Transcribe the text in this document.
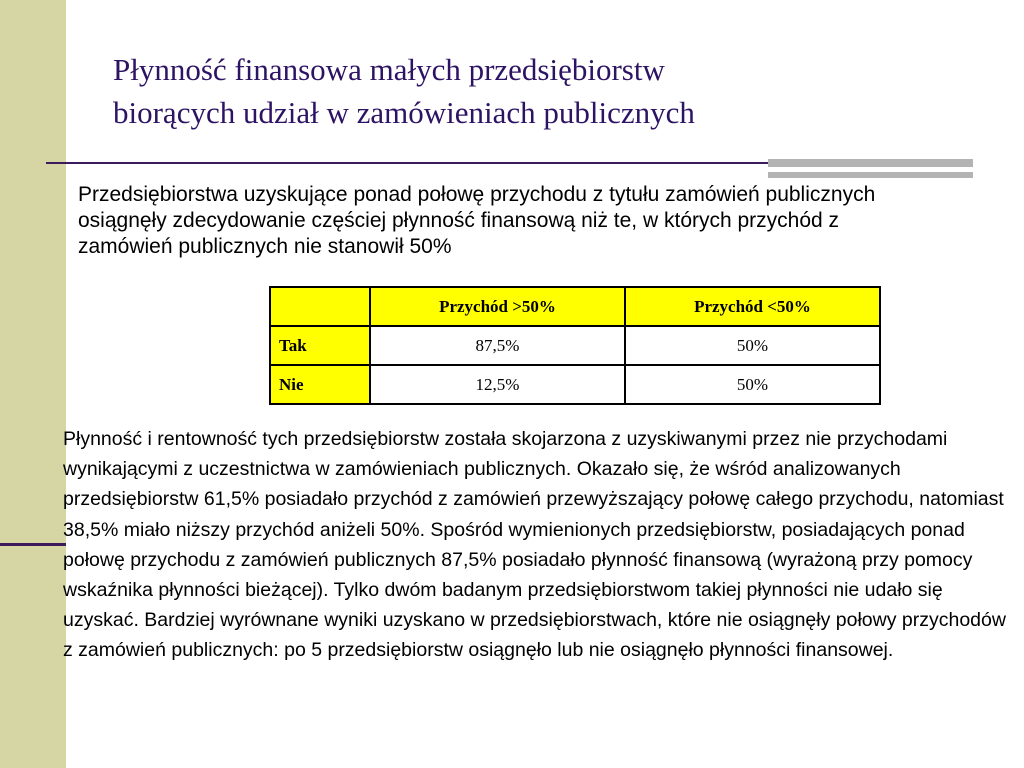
Płynność finansowa małych przedsiębiorstw
biorących udział w zamówieniach publicznych

Przedsiębiorstwa uzyskujące ponad połowę przychodu z tytułu zamówień publicznych osiągnęły zdecydowanie częściej płynność finansową niż te, w których przychód z zamówień publicznych nie stanowił 50%

	Przychód >50%	Przychód <50%
Tak	87,5%	50%
Nie	12,5%	50%

Płynność i rentowność tych przedsiębiorstw została skojarzona z uzyskiwanymi przez nie przychodami wynikającymi z uczestnictwa w zamówieniach publicznych. Okazało się, że wśród analizowanych przedsiębiorstw 61,5% posiadało przychód z zamówień przewyższający połowę całego przychodu, natomiast 38,5% miało niższy przychód aniżeli 50%. Spośród wymienionych przedsiębiorstw, posiadających ponad połowę przychodu z zamówień publicznych 87,5% posiadało płynność finansową (wyrażoną przy pomocy wskaźnika płynności bieżącej). Tylko dwóm badanym przedsiębiorstwom takiej płynności nie udało się uzyskać. Bardziej wyrównane wyniki uzyskano w przedsiębiorstwach, które nie osiągnęły połowy przychodów z zamówień publicznych: po 5 przedsiębiorstw osiągnęło lub nie osiągnęło płynności finansowej.
